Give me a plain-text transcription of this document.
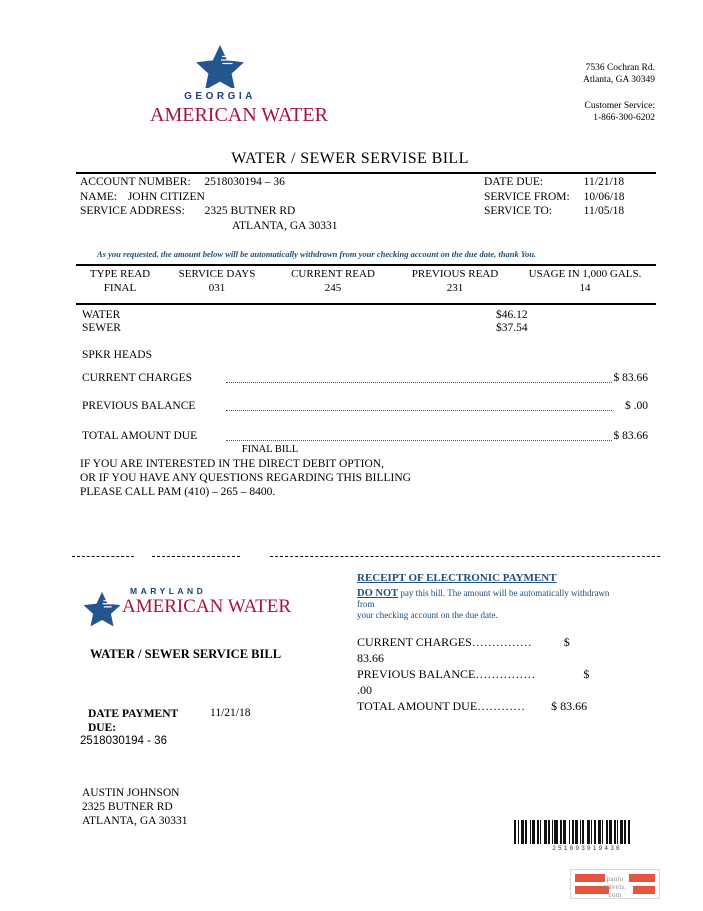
GEORGIA
AMERICAN WATER
7536 Cochran Rd.
Atlanta, GA 30349
Customer Service:
1-866-300-6202
WATER / SEWER SERVISE BILL
ACCOUNT NUMBER: 2518030194 – 36
NAME: JOHN CITIZEN
SERVICE ADDRESS: 2325 BUTNER RD
ATLANTA, GA 30331
DATE DUE:	11/21/18
SERVICE FROM:	10/06/18
SERVICE TO:	11/05/18
As you requested, the amount below will be automatically withdrawn from your checking account on the due date, thank You.
TYPE READ	SERVICE DAYS	CURRENT READ	PREVIOUS READ	USAGE IN 1,000 GALS.
FINAL	031	245	231	14
WATER	$46.12
SEWER	$37.54
SPKR HEADS
CURRENT CHARGES	$ 83.66
PREVIOUS BALANCE	$ .00
TOTAL AMOUNT DUE	$ 83.66
FINAL BILL
IF YOU ARE INTERESTED IN THE DIRECT DEBIT OPTION,
OR IF YOU HAVE ANY QUESTIONS REGARDING THIS BILLING
PLEASE CALL PAM (410) – 265 – 8400.
MARYLAND
AMERICAN WATER
RECEIPT OF ELECTRONIC PAYMENT
DO NOT pay this bill. The amount will be automatically withdrawn from
your checking account on the due date.
CURRENT CHARGES……………	$
83.66
PREVIOUS BALANCE……………	$
.00
TOTAL AMOUNT DUE………… $ 83.66
WATER / SEWER SERVICE BILL
DATE PAYMENT DUE:
11/21/18
2518030194 - 36
AUSTIN JOHNSON
2325 BUTNER RD
ATLANTA, GA 30331
251803019436
paulo
travels.
com
